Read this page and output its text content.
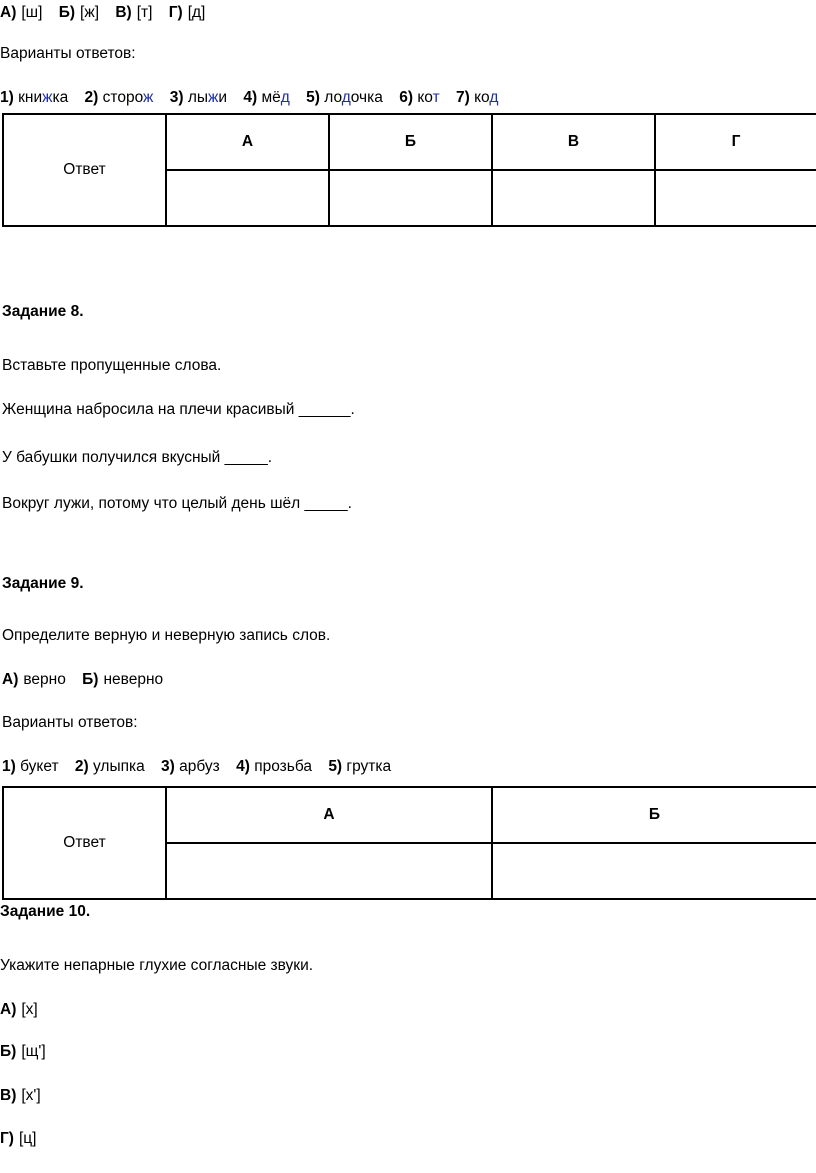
А) [ш] Б) [ж] В) [т] Г) [д]
Варианты ответов:
1) книжка 2) сторож 3) лыжи 4) мёд 5) лодочка 6) кот 7) код
Ответ	А	Б	В	Г

Задание 8.
Вставьте пропущенные слова.
Женщина набросила на плечи красивый ______.
У бабушки получился вкусный _____.
Вокруг лужи, потому что целый день шёл _____.
Задание 9.
Определите верную и неверную запись слов.
А) верно Б) неверно
Варианты ответов:
1) букет 2) улыпка 3) арбуз 4) прозьба 5) грутка
Ответ	А	Б

Задание 10.
Укажите непарные глухие согласные звуки.
А) [х]
Б) [щ']
В) [х']
Г) [ц]
